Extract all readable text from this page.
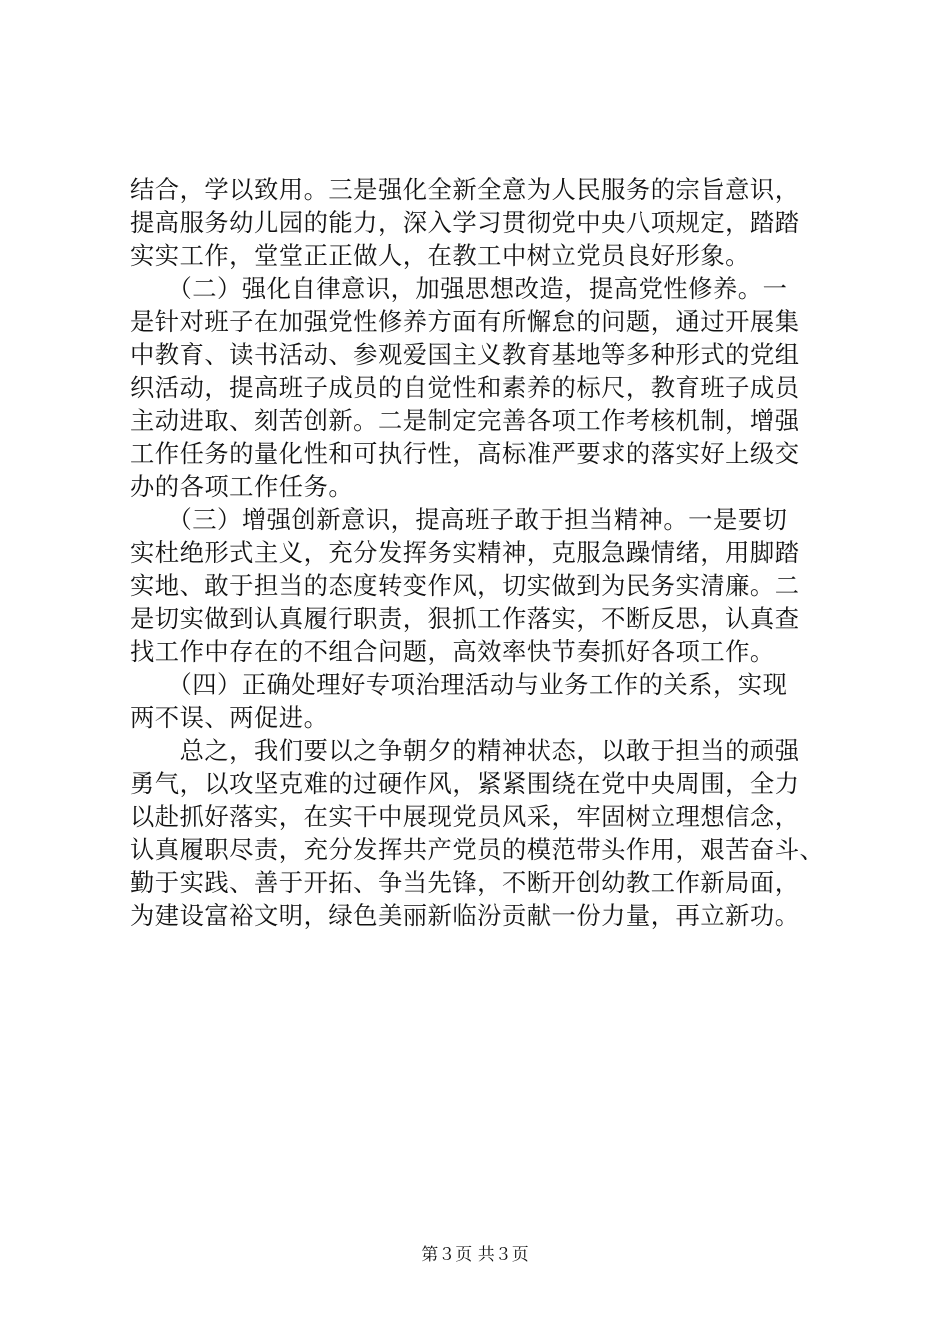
结合，学以致用。三是强化全新全意为人民服务的宗旨意识，
提高服务幼儿园的能力，深入学习贯彻党中央八项规定，踏踏
实实工作，堂堂正正做人，在教工中树立党员良好形象。

　　（二）强化自律意识，加强思想改造，提高党性修养。一
是针对班子在加强党性修养方面有所懈怠的问题，通过开展集
中教育、读书活动、参观爱国主义教育基地等多种形式的党组
织活动，提高班子成员的自觉性和素养的标尺，教育班子成员
主动进取、刻苦创新。二是制定完善各项工作考核机制，增强
工作任务的量化性和可执行性，高标准严要求的落实好上级交
办的各项工作任务。

　　（三）增强创新意识，提高班子敢于担当精神。一是要切
实杜绝形式主义，充分发挥务实精神，克服急躁情绪，用脚踏
实地、敢于担当的态度转变作风，切实做到为民务实清廉。二
是切实做到认真履行职责，狠抓工作落实，不断反思，认真查
找工作中存在的不组合问题，高效率快节奏抓好各项工作。

　　（四）正确处理好专项治理活动与业务工作的关系，实现
两不误、两促进。

　　总之，我们要以之争朝夕的精神状态，以敢于担当的顽强
勇气，以攻坚克难的过硬作风，紧紧围绕在党中央周围，全力
以赴抓好落实，在实干中展现党员风采，牢固树立理想信念，
认真履职尽责，充分发挥共产党员的模范带头作用，艰苦奋斗、
勤于实践、善于开拓、争当先锋，不断开创幼教工作新局面，
为建设富裕文明，绿色美丽新临汾贡献一份力量，再立新功。

第３页 共３页
